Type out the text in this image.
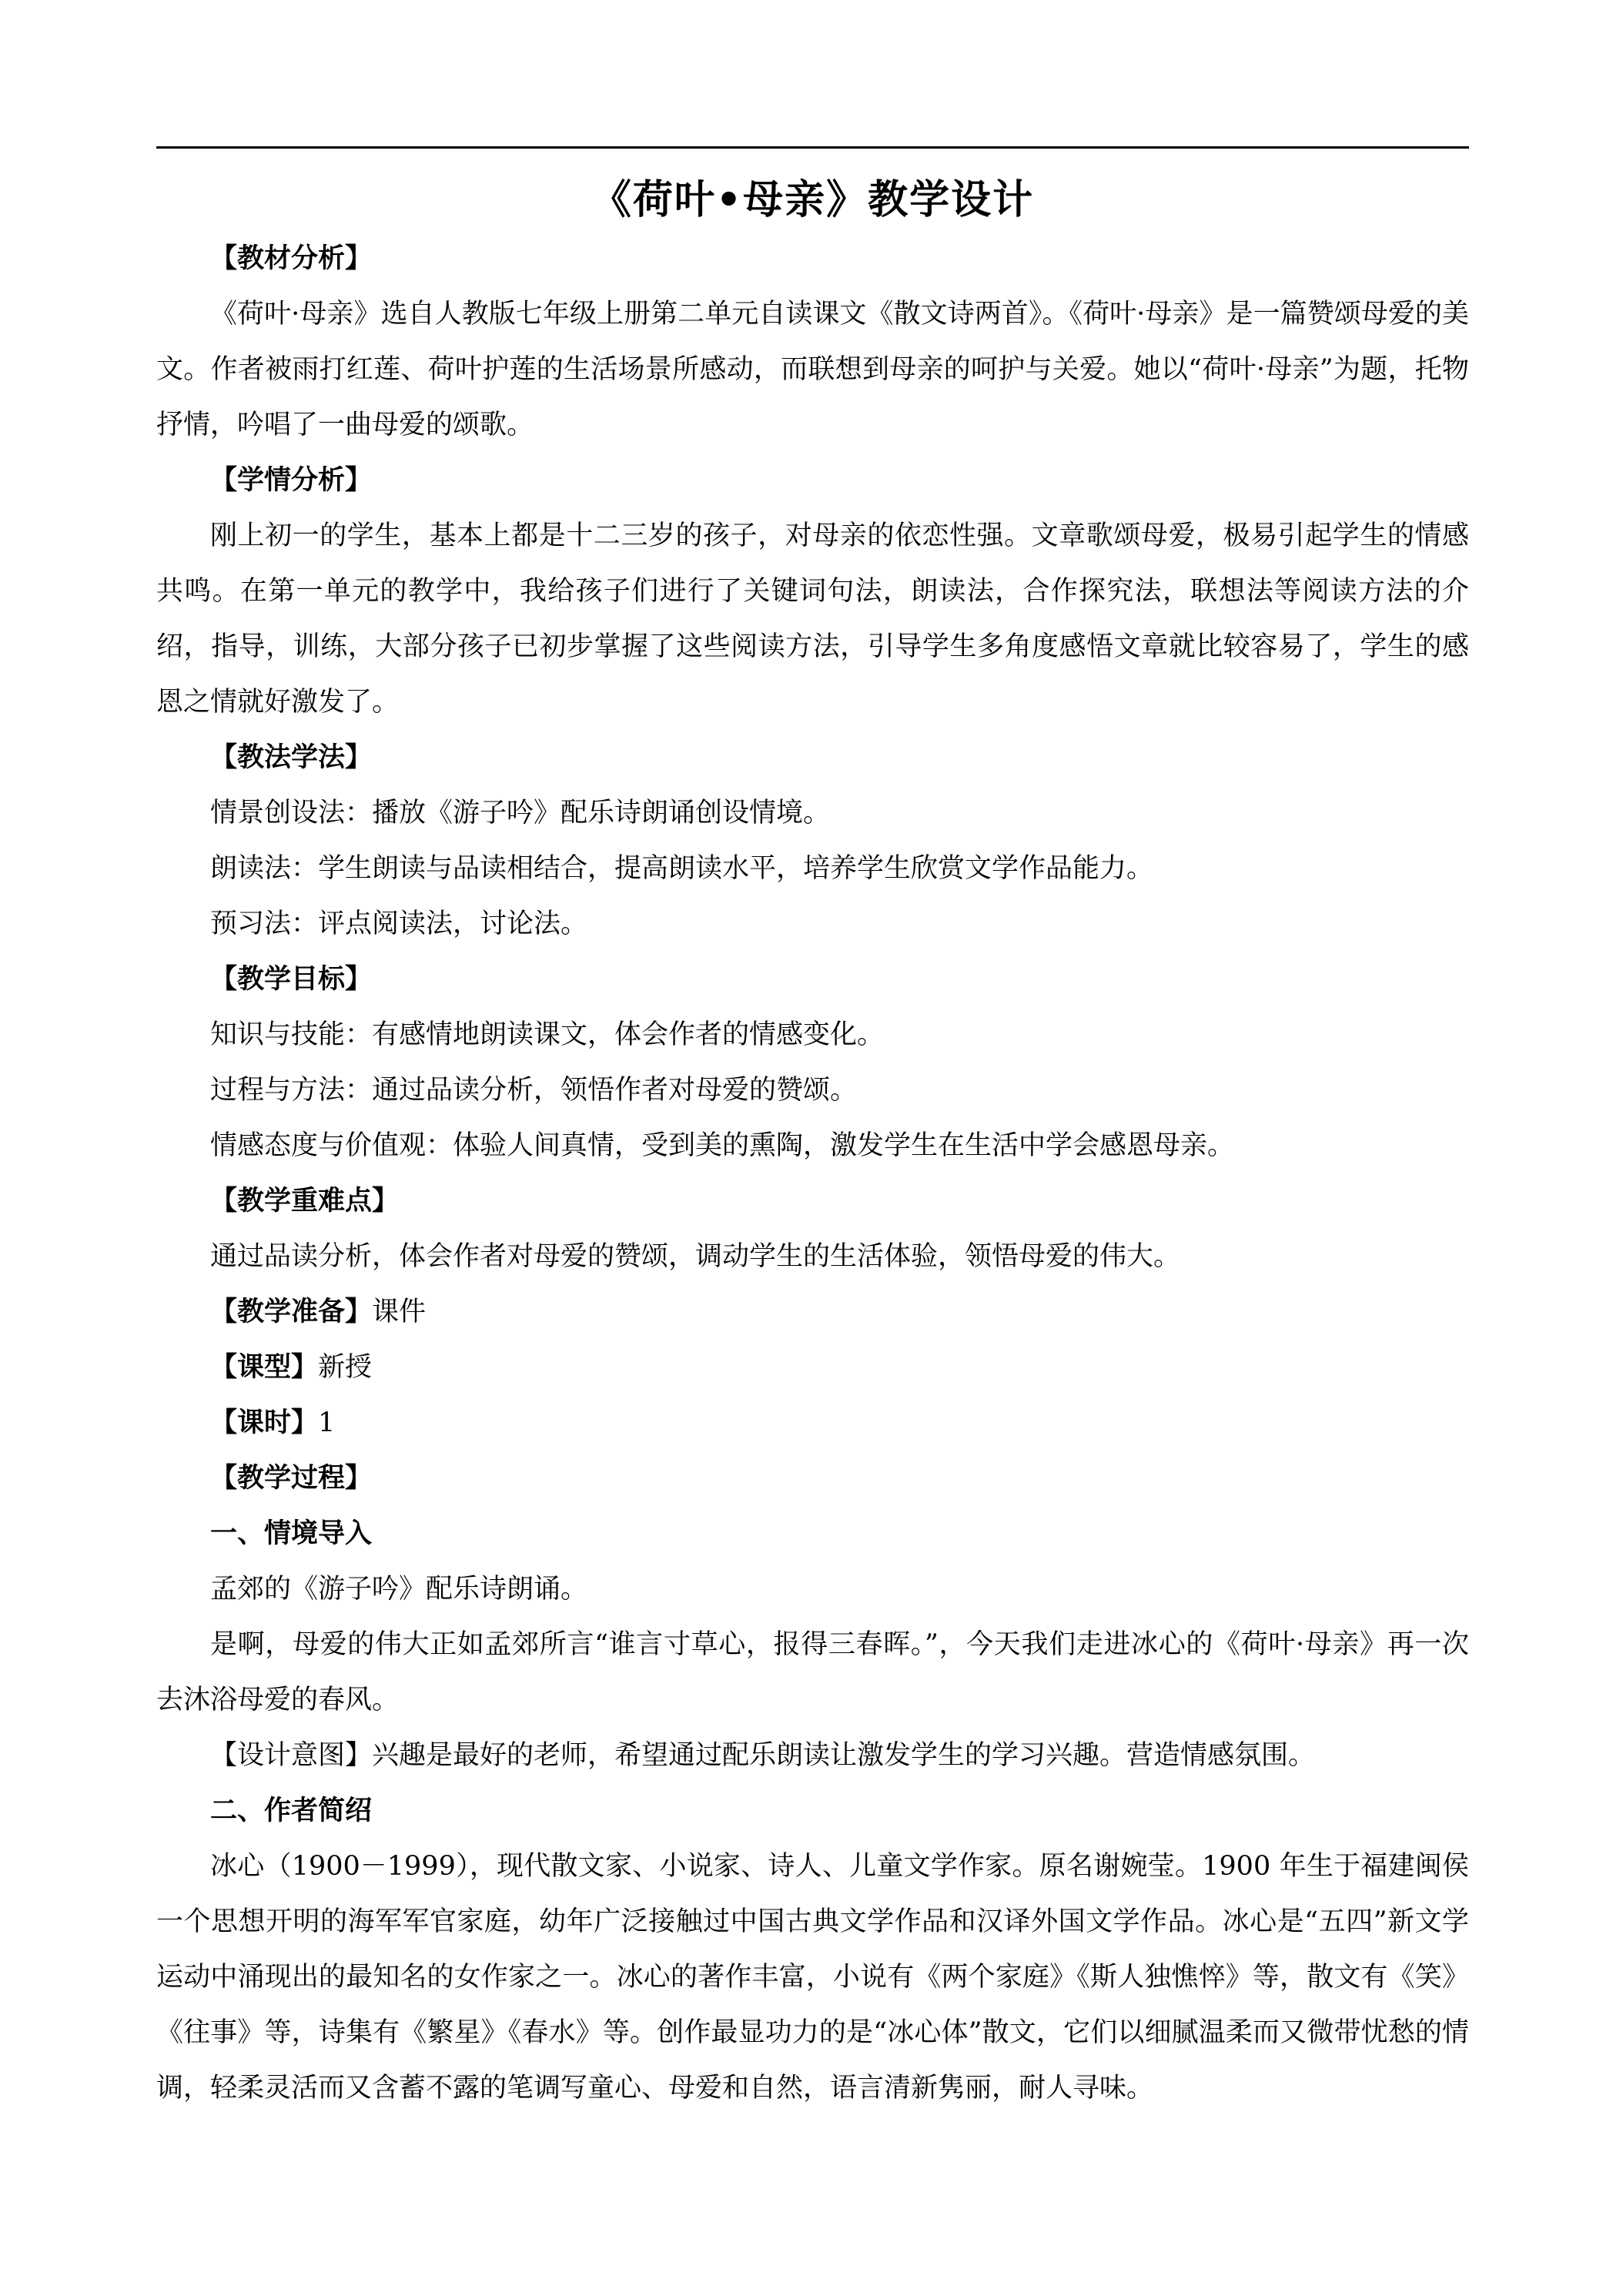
《荷叶•母亲》教学设计

【教材分析】

《荷叶·母亲》选自人教版七年级上册第二单元自读课文《散文诗两首》。《荷叶·母亲》是一篇赞颂母爱的美文。作者被雨打红莲、荷叶护莲的生活场景所感动，而联想到母亲的呵护与关爱。她以“荷叶·母亲”为题，托物抒情，吟唱了一曲母爱的颂歌。

【学情分析】

刚上初一的学生，基本上都是十二三岁的孩子，对母亲的依恋性强。文章歌颂母爱，极易引起学生的情感共鸣。在第一单元的教学中，我给孩子们进行了关键词句法，朗读法，合作探究法，联想法等阅读方法的介绍，指导，训练，大部分孩子已初步掌握了这些阅读方法，引导学生多角度感悟文章就比较容易了，学生的感恩之情就好激发了。

【教法学法】

情景创设法：播放《游子吟》配乐诗朗诵创设情境。

朗读法：学生朗读与品读相结合，提高朗读水平，培养学生欣赏文学作品能力。

预习法：评点阅读法，讨论法。

【教学目标】

知识与技能：有感情地朗读课文，体会作者的情感变化。

过程与方法：通过品读分析，领悟作者对母爱的赞颂。

情感态度与价值观：体验人间真情，受到美的熏陶，激发学生在生活中学会感恩母亲。

【教学重难点】

通过品读分析，体会作者对母爱的赞颂，调动学生的生活体验，领悟母爱的伟大。

【教学准备】课件

【课型】新授

【课时】1

【教学过程】

一、情境导入

孟郊的《游子吟》配乐诗朗诵。

是啊，母爱的伟大正如孟郊所言“谁言寸草心，报得三春晖。”，今天我们走进冰心的《荷叶·母亲》再一次去沐浴母爱的春风。

【设计意图】兴趣是最好的老师，希望通过配乐朗读让激发学生的学习兴趣。营造情感氛围。

二、作者简绍

冰心（1900－1999），现代散文家、小说家、诗人、儿童文学作家。原名谢婉莹。1900 年生于福建闽侯一个思想开明的海军军官家庭，幼年广泛接触过中国古典文学作品和汉译外国文学作品。冰心是“五四”新文学运动中涌现出的最知名的女作家之一。冰心的著作丰富，小说有《两个家庭》《斯人独憔悴》等，散文有《笑》《往事》等，诗集有《繁星》《春水》等。创作最显功力的是“冰心体”散文，它们以细腻温柔而又微带忧愁的情调，轻柔灵活而又含蓄不露的笔调写童心、母爱和自然，语言清新隽丽，耐人寻味。
